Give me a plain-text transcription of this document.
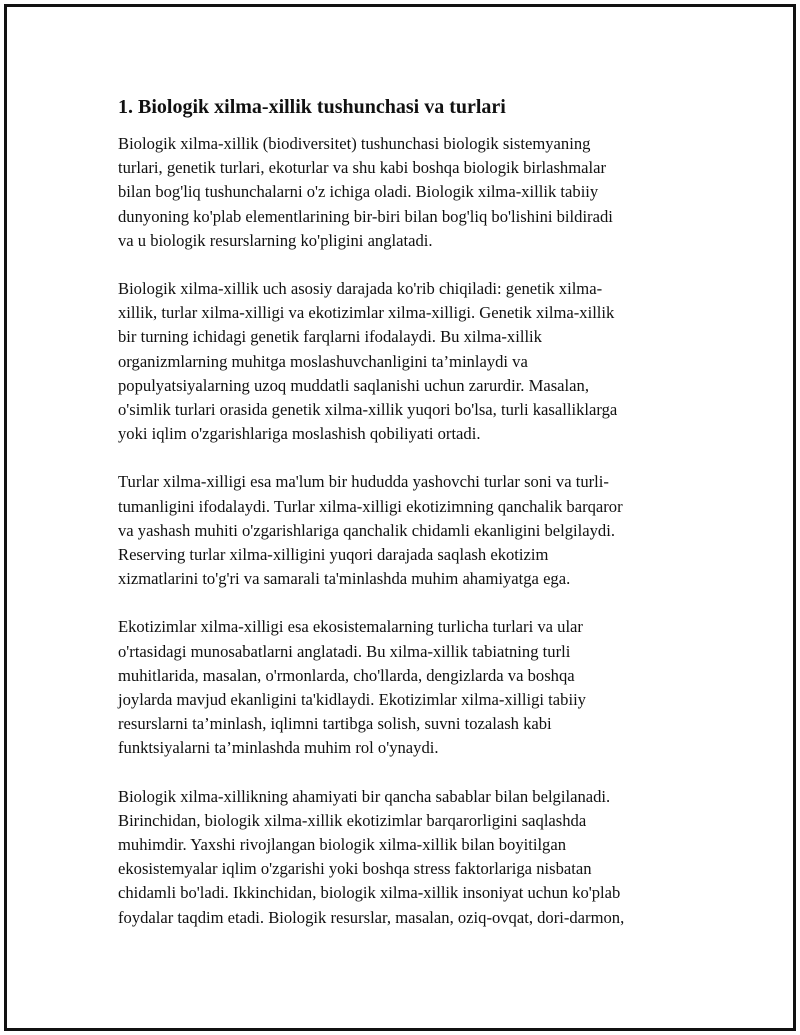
1. Biologik xilma-xillik tushunchasi va turlari

Biologik xilma-xillik (biodiversitet) tushunchasi biologik sistemyaning
turlari, genetik turlari, ekoturlar va shu kabi boshqa biologik birlashmalar
bilan bog'liq tushunchalarni o'z ichiga oladi. Biologik xilma-xillik tabiiy
dunyoning ko'plab elementlarining bir-biri bilan bog'liq bo'lishini bildiradi
va u biologik resurslarning ko'pligini anglatadi.

Biologik xilma-xillik uch asosiy darajada ko'rib chiqiladi: genetik xilma-
xillik, turlar xilma-xilligi va ekotizimlar xilma-xilligi. Genetik xilma-xillik
bir turning ichidagi genetik farqlarni ifodalaydi. Bu xilma-xillik
organizmlarning muhitga moslashuvchanligini ta’minlaydi va
populyatsiyalarning uzoq muddatli saqlanishi uchun zarurdir. Masalan,
o'simlik turlari orasida genetik xilma-xillik yuqori bo'lsa, turli kasalliklarga
yoki iqlim o'zgarishlariga moslashish qobiliyati ortadi.

Turlar xilma-xilligi esa ma'lum bir hududda yashovchi turlar soni va turli-
tumanligini ifodalaydi. Turlar xilma-xilligi ekotizimning qanchalik barqaror
va yashash muhiti o'zgarishlariga qanchalik chidamli ekanligini belgilaydi.
Reserving turlar xilma-xilligini yuqori darajada saqlash ekotizim
xizmatlarini to'g'ri va samarali ta'minlashda muhim ahamiyatga ega.

Ekotizimlar xilma-xilligi esa ekosistemalarning turlicha turlari va ular
o'rtasidagi munosabatlarni anglatadi. Bu xilma-xillik tabiatning turli
muhitlarida, masalan, o'rmonlarda, cho'llarda, dengizlarda va boshqa
joylarda mavjud ekanligini ta'kidlaydi. Ekotizimlar xilma-xilligi tabiiy
resurslarni ta’minlash, iqlimni tartibga solish, suvni tozalash kabi
funktsiyalarni ta’minlashda muhim rol o'ynaydi.

Biologik xilma-xillikning ahamiyati bir qancha sabablar bilan belgilanadi.
Birinchidan, biologik xilma-xillik ekotizimlar barqarorligini saqlashda
muhimdir. Yaxshi rivojlangan biologik xilma-xillik bilan boyitilgan
ekosistemyalar iqlim o'zgarishi yoki boshqa stress faktorlariga nisbatan
chidamli bo'ladi. Ikkinchidan, biologik xilma-xillik insoniyat uchun ko'plab
foydalar taqdim etadi. Biologik resurslar, masalan, oziq-ovqat, dori-darmon,
